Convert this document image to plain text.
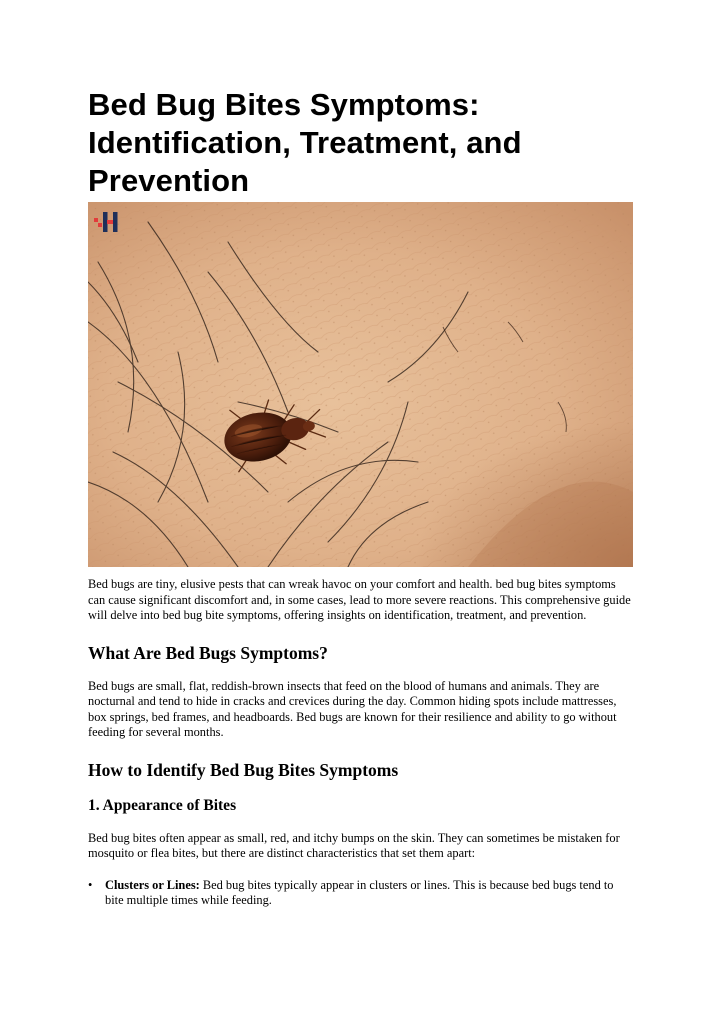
Bed Bug Bites Symptoms: Identification, Treatment, and Prevention

Bed bugs are tiny, elusive pests that can wreak havoc on your comfort and health. bed bug bites symptoms can cause significant discomfort and, in some cases, lead to more severe reactions. This comprehensive guide will delve into bed bug bite symptoms, offering insights on identification, treatment, and prevention.

What Are Bed Bugs Symptoms?

Bed bugs are small, flat, reddish-brown insects that feed on the blood of humans and animals. They are nocturnal and tend to hide in cracks and crevices during the day. Common hiding spots include mattresses, box springs, bed frames, and headboards. Bed bugs are known for their resilience and ability to go without feeding for several months.

How to Identify Bed Bug Bites Symptoms
1. Appearance of Bites

Bed bug bites often appear as small, red, and itchy bumps on the skin. They can sometimes be mistaken for mosquito or flea bites, but there are distinct characteristics that set them apart:

• Clusters or Lines: Bed bug bites typically appear in clusters or lines. This is because bed bugs tend to bite multiple times while feeding.
